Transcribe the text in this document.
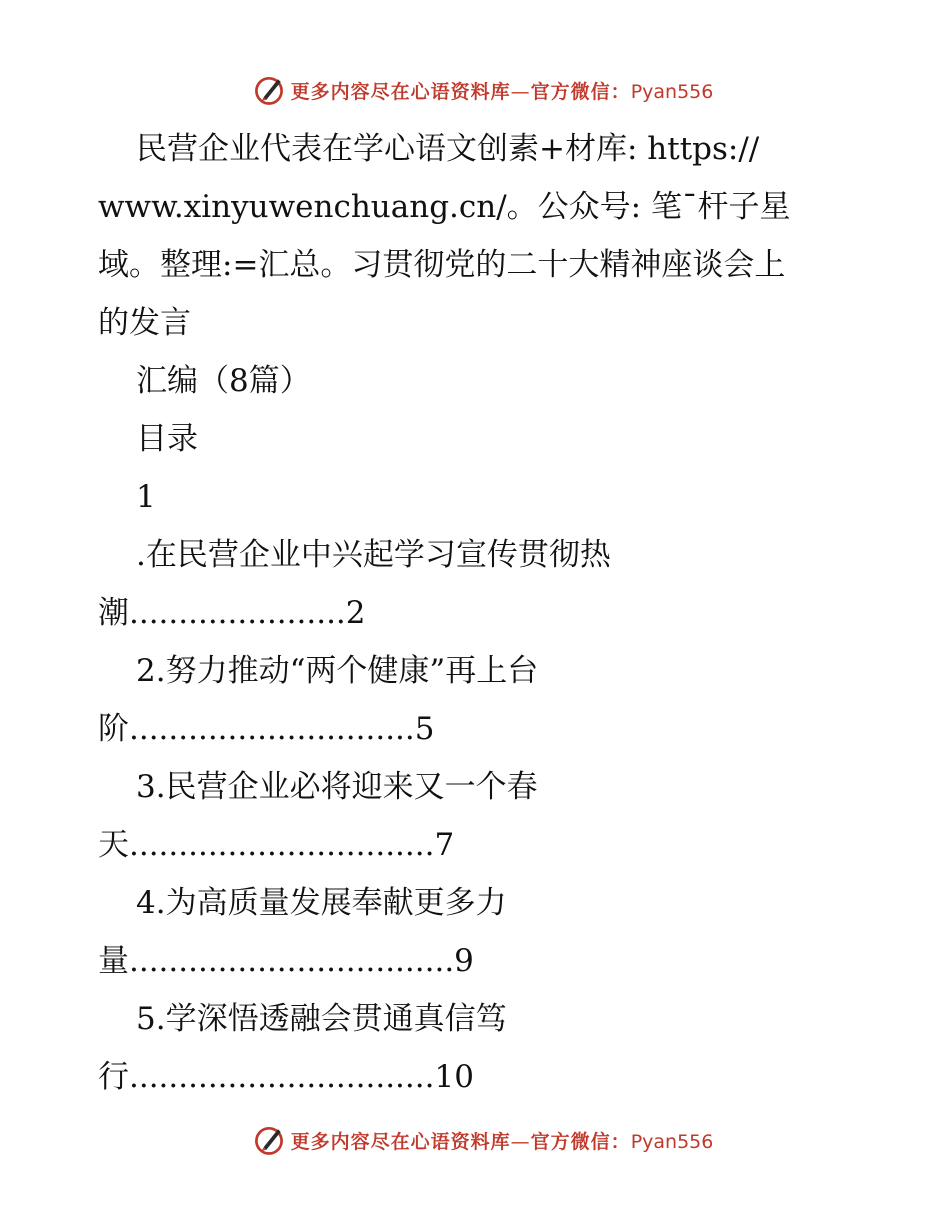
更多内容尽在心语资料库—官方微信：Pyan556
民营企业代表在学心语文创素+材库: https://
www.xinyuwenchuang.cn/。公众号: 笔¯杆子星
域。整理:=汇总。习贯彻党的二十大精神座谈会上
的发言
汇编（8篇）
目录
1
.在民营企业中兴起学习宣传贯彻热
潮......................2
2.努力推动“两个健康”再上台
阶.............................5
3.民营企业必将迎来又一个春
天...............................7
4.为高质量发展奉献更多力
量.................................9
5.学深悟透融会贯通真信笃
行...............................10
更多内容尽在心语资料库—官方微信：Pyan556
